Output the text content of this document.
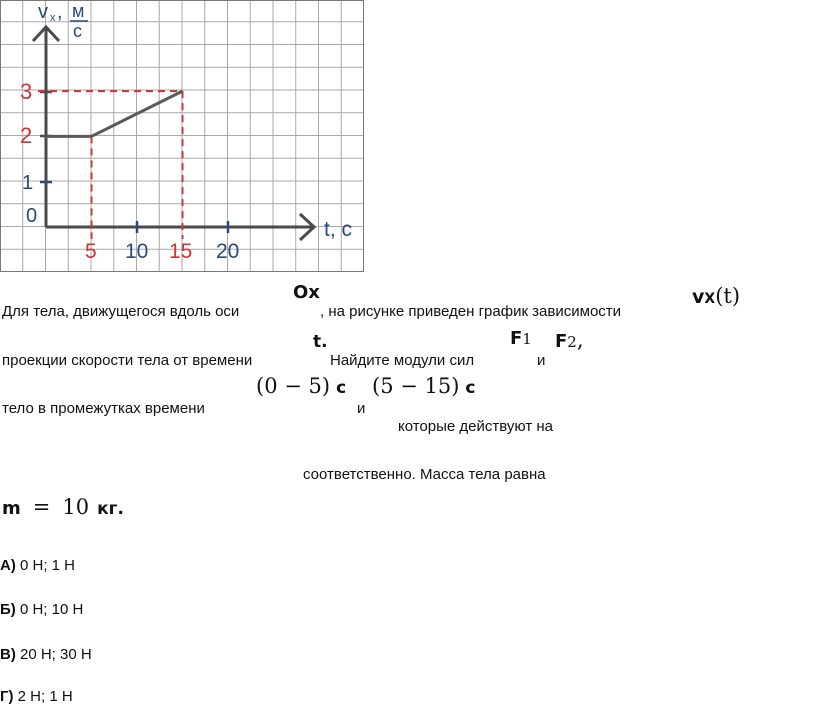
v x , м
с
t, с
0
1
2
3
5 10 15 20
Ox	vX(t)
Для тела, движущегося вдоль оси	, на рисунке приведен график зависимости
t.	F1 F2,
проекции скорости тела от времени	Найдите модули сил	и
(0 − 5) с (5 − 15) с
тело в промежутках времени	и
которые действуют на
соответственно. Масса тела равна
m = 10 кг.
А) 0 Н; 1 Н
Б) 0 Н; 10 Н
В) 20 Н; 30 Н
Г) 2 Н; 1 Н
